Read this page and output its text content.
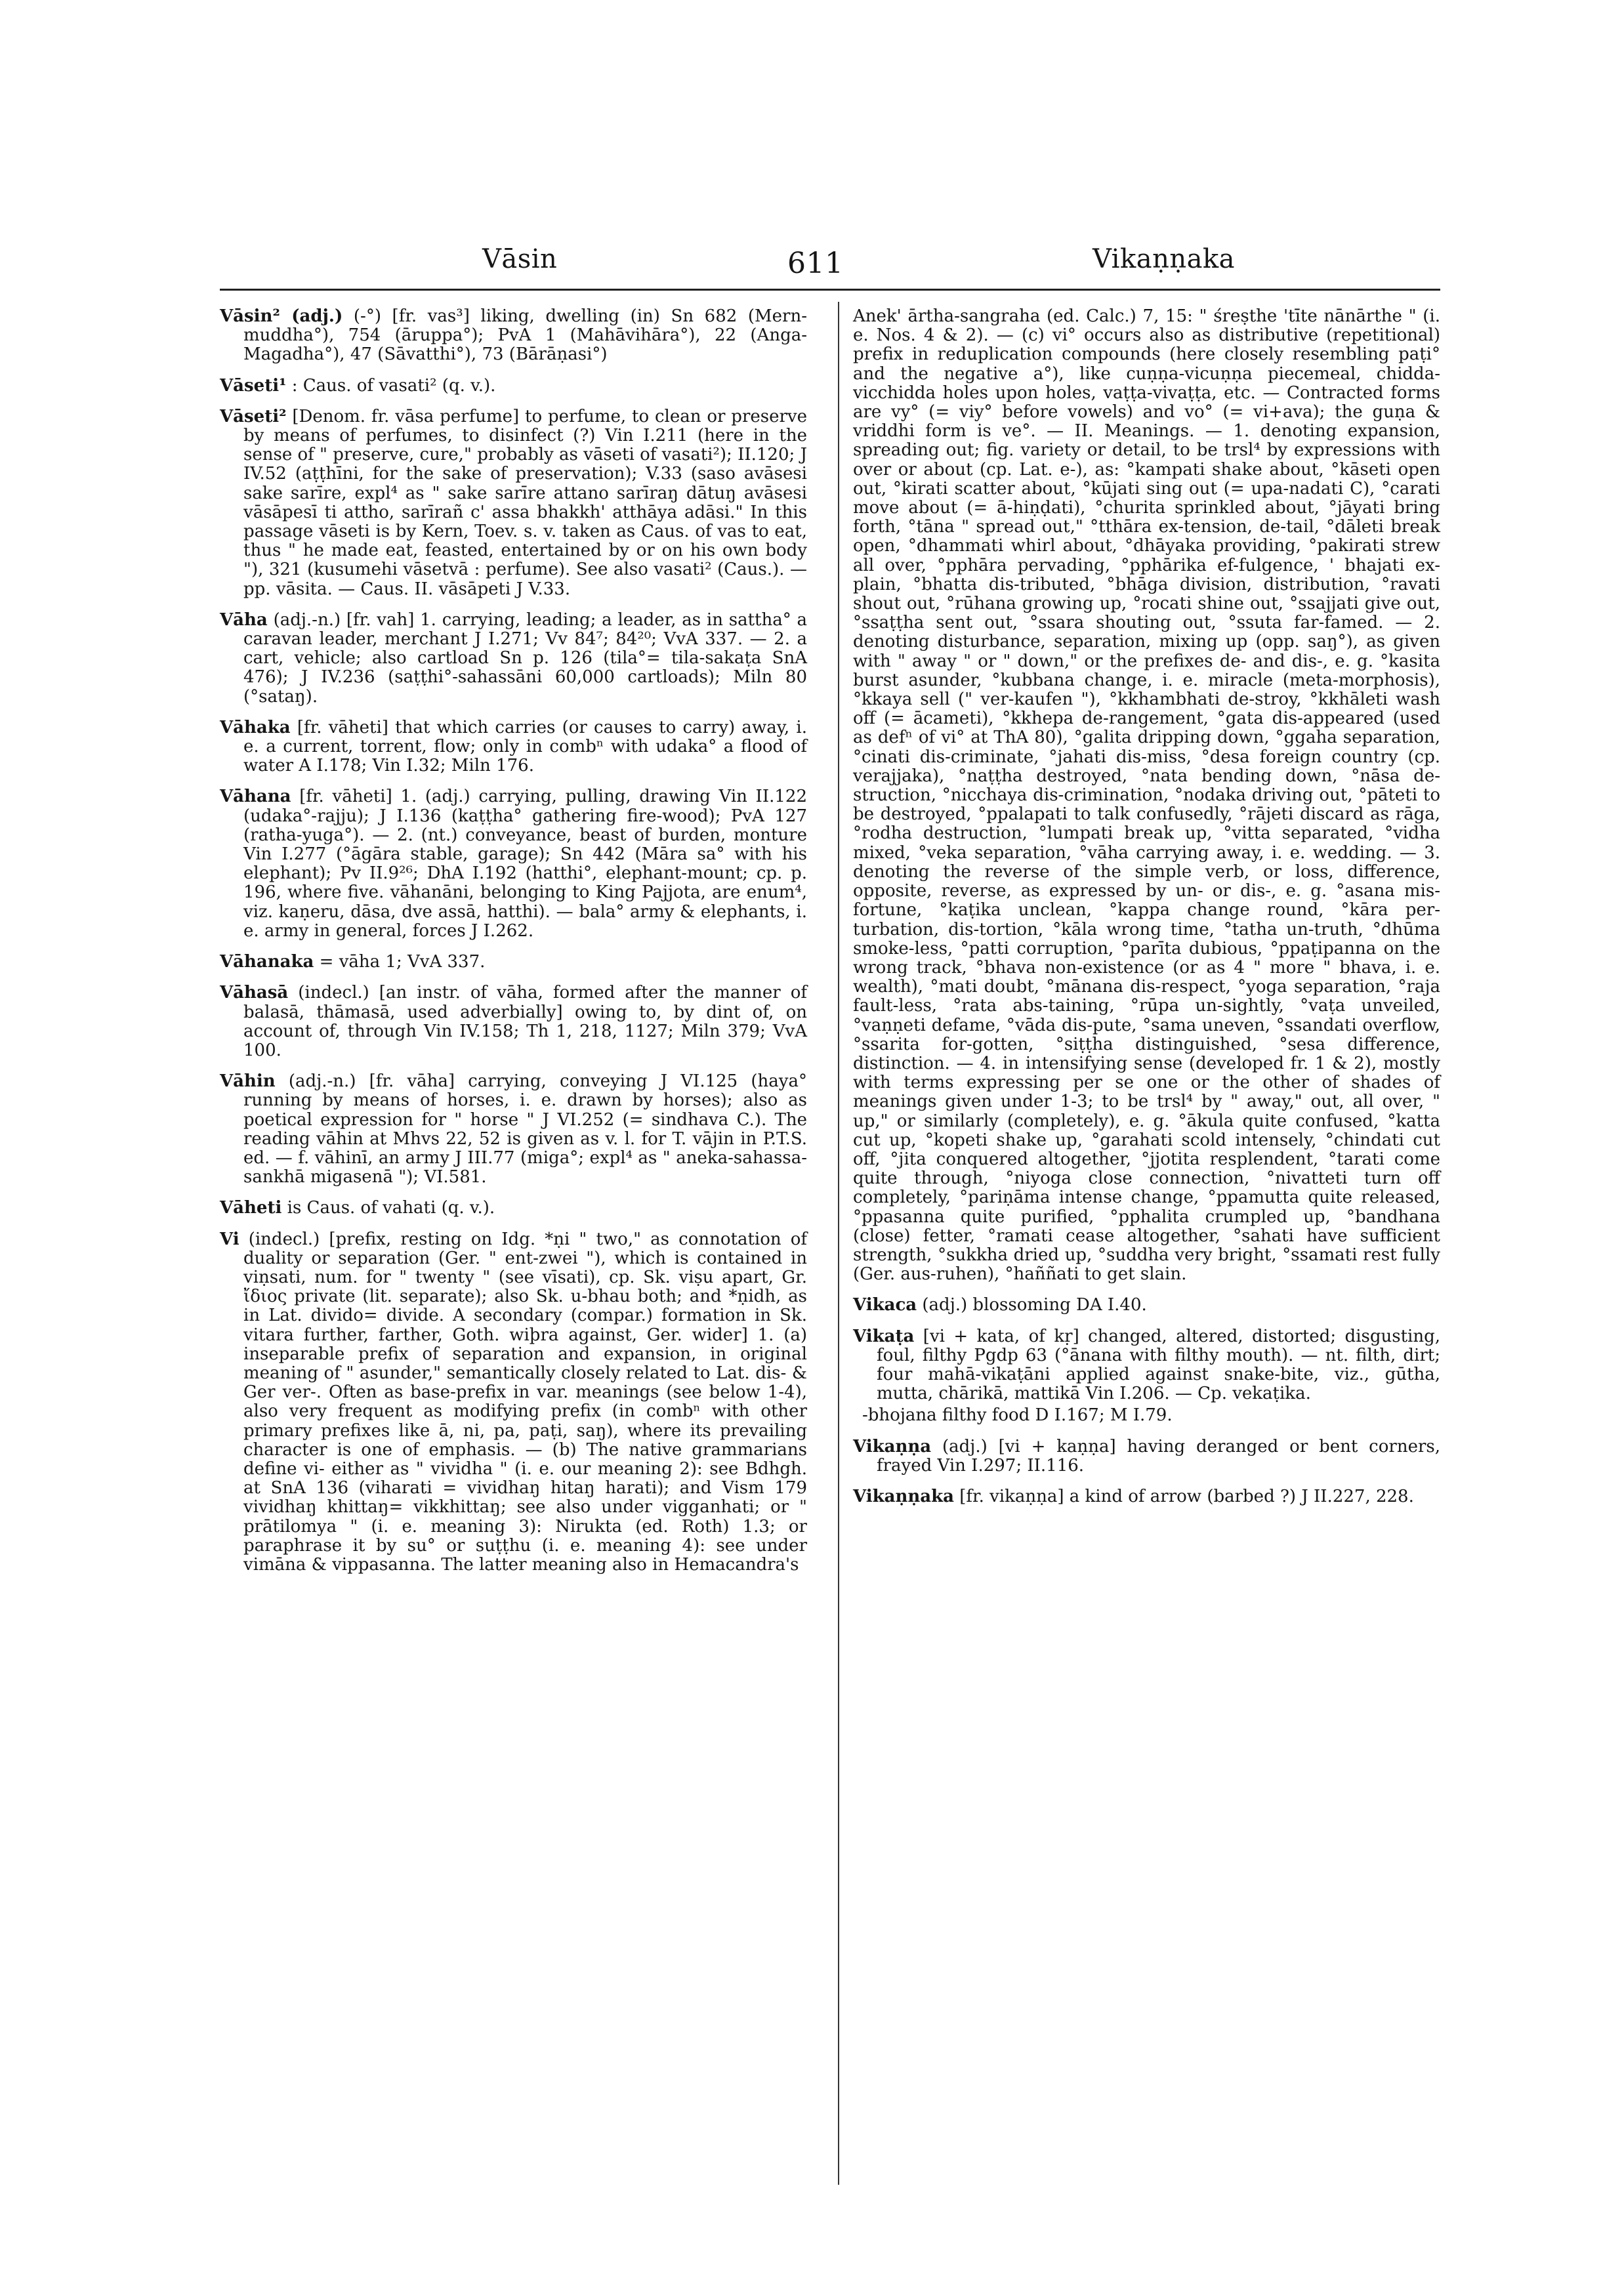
Vāsin	611	Vikaṇṇaka

Vāsin² (adj.) (-°) [fr. vas³] liking, dwelling (in) Sn 682 (Mern-muddha°), 754 (āruppa°); PvA 1 (Mahāvihāra°), 22 (Anga-Magadha°), 47 (Sāvatthi°), 73 (Bārāṇasi°)

Vāseti¹ : Caus. of vasati² (q. v.).

Vāseti² [Denom. fr. vāsa perfume] to perfume, to clean or preserve by means of perfumes, to disinfect (?) Vin I.211 (here in the sense of " preserve, cure," probably as vāseti of vasati²); II.120; J IV.52 (aṭṭhīni, for the sake of preservation); V.33 (saso avāsesi sake sarīre, expl⁴ as " sake sarīre attano sarīraŋ dātuŋ avāsesi vāsāpesī ti attho, sarīrañ c' assa bhakkh' atthāya adāsi." In this passage vāseti is by Kern, Toev. s. v. taken as Caus. of vas to eat, thus " he made eat, feasted, entertained by or on his own body "), 321 (kusumehi vāsetvā : perfume). See also vasati² (Caus.). — pp. vāsita. — Caus. II. vāsāpeti J V.33.

Vāha (adj.-n.) [fr. vah] 1. carrying, leading; a leader, as in sattha° a caravan leader, merchant J I.271; Vv 84⁷; 84²⁰; VvA 337. — 2. a cart, vehicle; also cartload Sn p. 126 (tila°= tila-sakaṭa SnA 476); J IV.236 (saṭṭhi°-sahassāni 60,000 cartloads); Miln 80 (°sataŋ).

Vāhaka [fr. vāheti] that which carries (or causes to carry) away, i. e. a current, torrent, flow; only in combⁿ with udaka° a flood of water A I.178; Vin I.32; Miln 176.

Vāhana [fr. vāheti] 1. (adj.) carrying, pulling, drawing Vin II.122 (udaka°-rajju); J I.136 (kaṭṭha° gathering fire-wood); PvA 127 (ratha-yuga°). — 2. (nt.) conveyance, beast of burden, monture Vin I.277 (°āgāra stable, garage); Sn 442 (Māra sa° with his elephant); Pv II.9²⁶; DhA I.192 (hatthi°, elephant-mount; cp. p. 196, where five. vāhanāni, belonging to King Pajjota, are enum⁴, viz. kaṇeru, dāsa, dve assā, hatthi). — bala° army & elephants, i. e. army in general, forces J I.262.

Vāhanaka = vāha 1; VvA 337.

Vāhasā (indecl.) [an instr. of vāha, formed after the manner of balasā, thāmasā, used adverbially] owing to, by dint of, on account of, through Vin IV.158; Th 1, 218, 1127; Miln 379; VvA 100.

Vāhin (adj.-n.) [fr. vāha] carrying, conveying J VI.125 (haya° running by means of horses, i. e. drawn by horses); also as poetical expression for " horse " J VI.252 (= sindhava C.). The reading vāhin at Mhvs 22, 52 is given as v. l. for T. vājin in P.T.S. ed. — f. vāhinī, an army J III.77 (miga°; expl⁴ as " aneka-sahassa-sankhā migasenā "); VI.581.

Vāheti is Caus. of vahati (q. v.).

Vi (indecl.) [prefix, resting on Idg. *ṇi " two," as connotation of duality or separation (Ger. " ent-zwei "), which is contained in viṇsati, num. for " twenty " (see vīsati), cp. Sk. viṣu apart, Gr. ἴδιος private (lit. separate); also Sk. u-bhau both; and *ṇidh, as in Lat. divido= divide. A secondary (compar.) formation in Sk. vitara further, farther, Goth. wiþra against, Ger. wider] 1. (a) inseparable prefix of separation and expansion, in original meaning of " asunder," semantically closely related to Lat. dis- & Ger ver-. Often as base-prefix in var. meanings (see below 1-4), also very frequent as modifying prefix (in combⁿ with other primary prefixes like ā, ni, pa, paṭi, saŋ), where its prevailing character is one of emphasis. — (b) The native grammarians define vi- either as " vividha " (i. e. our meaning 2): see Bdhgh. at SnA 136 (viharati = vividhaŋ hitaŋ harati); and Vism 179 vividhaŋ khittaŋ= vikkhittaŋ; see also under vigganhati; or " prātilomya " (i. e. meaning 3): Nirukta (ed. Roth) 1.3; or paraphrase it by su° or suṭṭhu (i. e. meaning 4): see under vimāna & vippasanna. The latter meaning also in Hemacandra's

Anek' ārtha-sangraha (ed. Calc.) 7, 15: " śreṣthe 'tīte nānārthe " (i. e. Nos. 4 & 2). — (c) vi° occurs also as distributive (repetitional) prefix in reduplication compounds (here closely resembling paṭi° and the negative a°), like cuṇṇa-vicuṇṇa piecemeal, chidda-vicchidda holes upon holes, vaṭṭa-vivaṭṭa, etc. — Contracted forms are vy° (= viy° before vowels) and vo° (= vi+ava); the guṇa & vriddhi form is ve°. — II. Meanings. — 1. denoting expansion, spreading out; fig. variety or detail, to be trsl⁴ by expressions with over or about (cp. Lat. e-), as: °kampati shake about, °kāseti open out, °kirati scatter about, °kūjati sing out (= upa-nadati C), °carati move about (= ā-hiṇḍati), °churita sprinkled about, °jāyati bring forth, °tāna " spread out," °tthāra ex-tension, de-tail, °dāleti break open, °dhammati whirl about, °dhāyaka providing, °pakirati strew all over, °pphāra pervading, °pphārika ef-fulgence, ' bhajati ex-plain, °bhatta dis-tributed, °bhāga division, distribution, °ravati shout out, °rūhana growing up, °rocati shine out, °ssajjati give out, °ssaṭṭha sent out, °ssara shouting out, °ssuta far-famed. — 2. denoting disturbance, separation, mixing up (opp. saŋ°), as given with " away " or " down," or the prefixes de- and dis-, e. g. °kasita burst asunder, °kubbana change, i. e. miracle (meta-morphosis), °kkaya sell (" ver-kaufen "), °kkhambhati de-stroy, °kkhāleti wash off (= ācameti), °kkhepa de-rangement, °gata dis-appeared (used as defⁿ of vi° at ThA 80), °galita dripping down, °ggaha separation, °cinati dis-criminate, °jahati dis-miss, °desa foreign country (cp. verajjaka), °naṭṭha destroyed, °nata bending down, °nāsa de-struction, °nicchaya dis-crimination, °nodaka driving out, °pāteti to be destroyed, °ppalapati to talk confusedly, °rājeti discard as rāga, °rodha destruction, °lumpati break up, °vitta separated, °vidha mixed, °veka separation, °vāha carrying away, i. e. wedding. — 3. denoting the reverse of the simple verb, or loss, difference, opposite, reverse, as expressed by un- or dis-, e. g. °asana mis-fortune, °kaṭika unclean, °kappa change round, °kāra per-turbation, dis-tortion, °kāla wrong time, °tatha un-truth, °dhūma smoke-less, °patti corruption, °parīta dubious, °ppaṭipanna on the wrong track, °bhava non-existence (or as 4 " more " bhava, i. e. wealth), °mati doubt, °mānana dis-respect, °yoga separation, °raja fault-less, °rata abs-taining, °rūpa un-sightly, °vaṭa unveiled, °vaṇṇeti defame, °vāda dis-pute, °sama uneven, °ssandati overflow, °ssarita for-gotten, °siṭṭha distinguished, °sesa difference, distinction. — 4. in intensifying sense (developed fr. 1 & 2), mostly with terms expressing per se one or the other of shades of meanings given under 1-3; to be trsl⁴ by " away," out, all over, " up," or similarly (completely), e. g. °ākula quite confused, °katta cut up, °kopeti shake up, °garahati scold intensely, °chindati cut off, °jita conquered altogether, °jjotita resplendent, °tarati come quite through, °niyoga close connection, °nivatteti turn off completely, °pariṇāma intense change, °ppamutta quite released, °ppasanna quite purified, °pphalita crumpled up, °bandhana (close) fetter, °ramati cease altogether, °sahati have sufficient strength, °sukkha dried up, °suddha very bright, °ssamati rest fully (Ger. aus-ruhen), °haññati to get slain.

Vikaca (adj.) blossoming DA I.40.

Vikaṭa [vi + kata, of kṛ] changed, altered, distorted; disgusting, foul, filthy Pgdp 63 (°ānana with filthy mouth). — nt. filth, dirt; four mahā-vikaṭāni applied against snake-bite, viz., gūtha, mutta, chārikā, mattikā Vin I.206. — Cp. vekaṭika.

-bhojana filthy food D I.167; M I.79.

Vikaṇṇa (adj.) [vi + kaṇṇa] having deranged or bent corners, frayed Vin I.297; II.116.

Vikaṇṇaka [fr. vikaṇṇa] a kind of arrow (barbed ?) J II.227, 228.
